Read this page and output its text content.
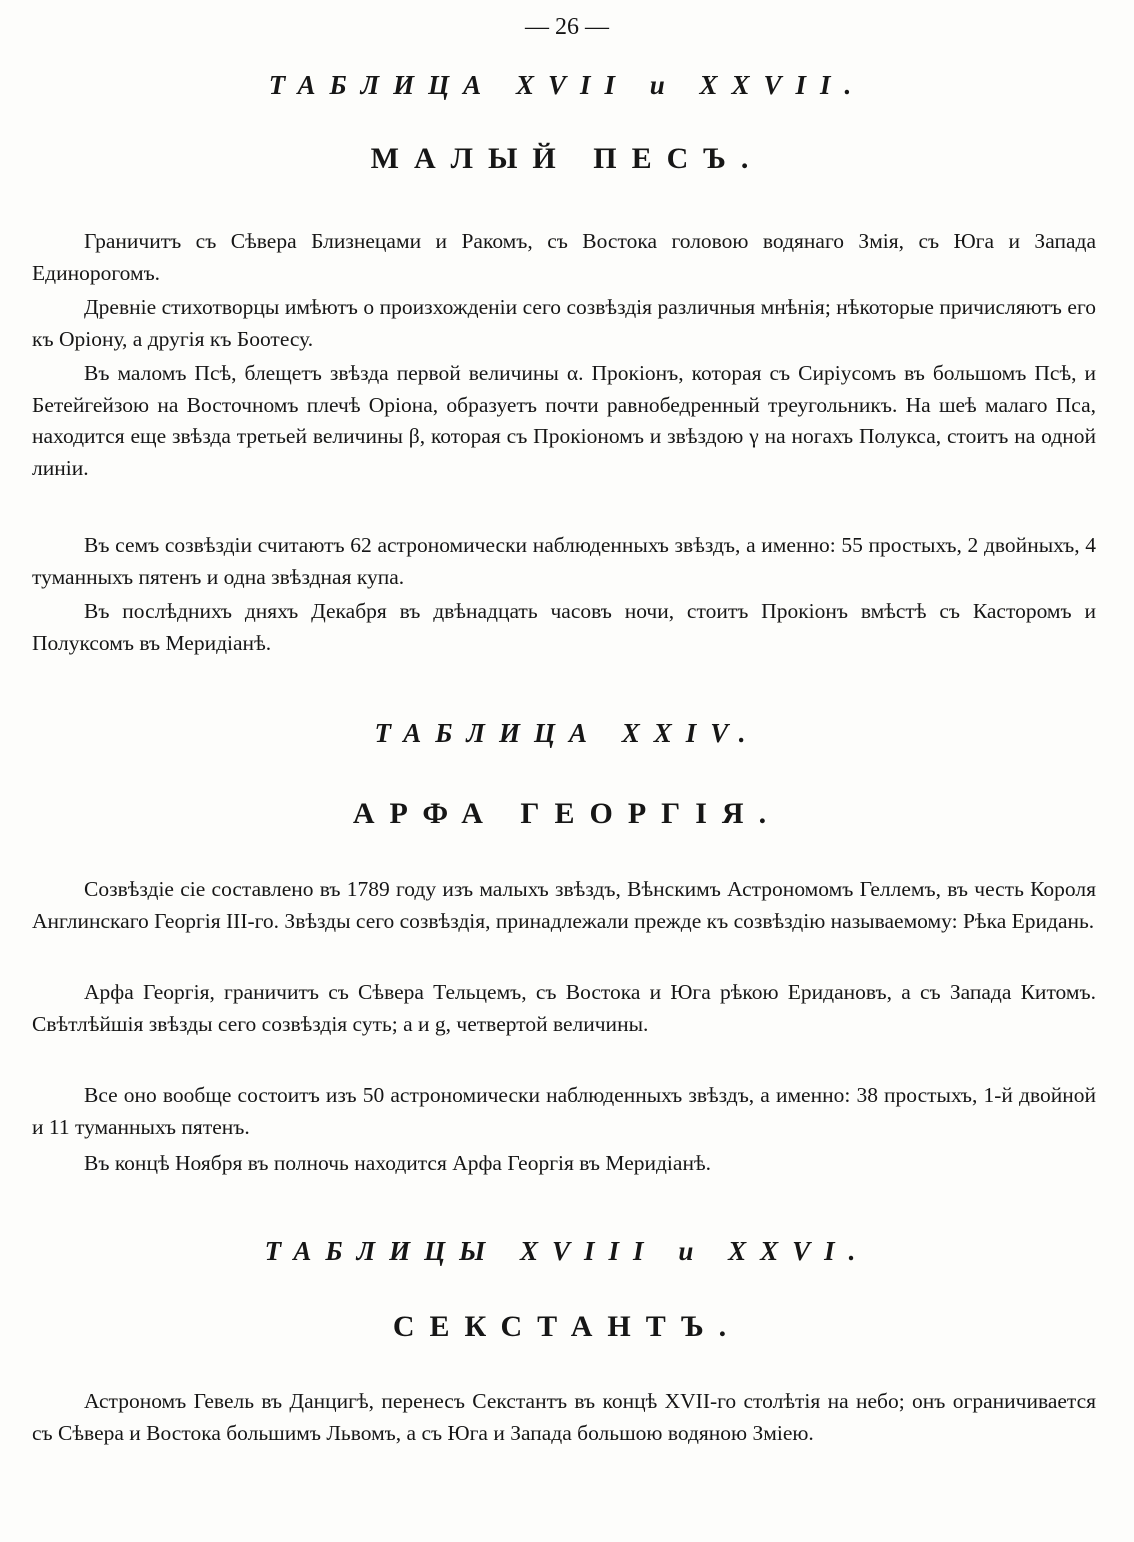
— 26 —
ТАБЛИЦА XVII и XXVII.
МАЛЫЙ ПЕСЪ.

Граничитъ съ Сѣвера Близнецами и Ракомъ, съ Востока головою водянаго Змія, съ Юга и Запада Единорогомъ.

Древніе стихотворцы имѣютъ о произхожденіи сего созвѣздія различныя мнѣнія; нѣкоторые причисляютъ его къ Оріону, а другія къ Боотесу.

Въ маломъ Псѣ, блещетъ звѣзда первой величины α. Прокіонъ, которая съ Сиріусомъ въ большомъ Псѣ, и Бетейгейзою на Восточномъ плечѣ Оріона, образуетъ почти равнобедренный треугольникъ. На шеѣ малаго Пса, находится еще звѣзда третьей величины β, которая съ Прокіономъ и звѣздою γ на ногахъ Полукса, стоитъ на одной линіи.

Въ семъ созвѣздіи считаютъ 62 астрономически наблюденныхъ звѣздъ, а именно: 55 простыхъ, 2 двойныхъ, 4 туманныхъ пятенъ и одна звѣздная купа.

Въ послѣднихъ дняхъ Декабря въ двѣнадцать часовъ ночи, стоитъ Прокіонъ вмѣстѣ съ Касторомъ и Полуксомъ въ Меридіанѣ.

ТАБЛИЦА XXIV.
АРФА ГЕОРГІЯ.

Созвѣздіе сіе составлено въ 1789 году изъ малыхъ звѣздъ, Вѣнскимъ Астрономомъ Геллемъ, въ честь Короля Англинскаго Георгія III-го. Звѣзды сего созвѣздія, принадлежали прежде къ созвѣздію называемому: Рѣка Еридань.

Арфа Георгія, граничитъ съ Сѣвера Тельцемъ, съ Востока и Юга рѣкою Еридановъ, а съ Запада Китомъ. Свѣтлѣйшія звѣзды сего созвѣздія суть; a и g, четвертой величины.

Все оно вообще состоитъ изъ 50 астрономически наблюденныхъ звѣздъ, а именно: 38 простыхъ, 1-й двойной и 11 туманныхъ пятенъ.

Въ концѣ Ноября въ полночь находится Арфа Георгія въ Меридіанѣ.

ТАБЛИЦЫ XVIII и XXVI.
СЕКСТАНТЪ.

Астрономъ Гевель въ Данцигѣ, перенесъ Секстантъ въ концѣ XVII-го столѣтія на небо; онъ ограничивается съ Сѣвера и Востока большимъ Львомъ, а съ Юга и Запада большою водяною Змiею.
